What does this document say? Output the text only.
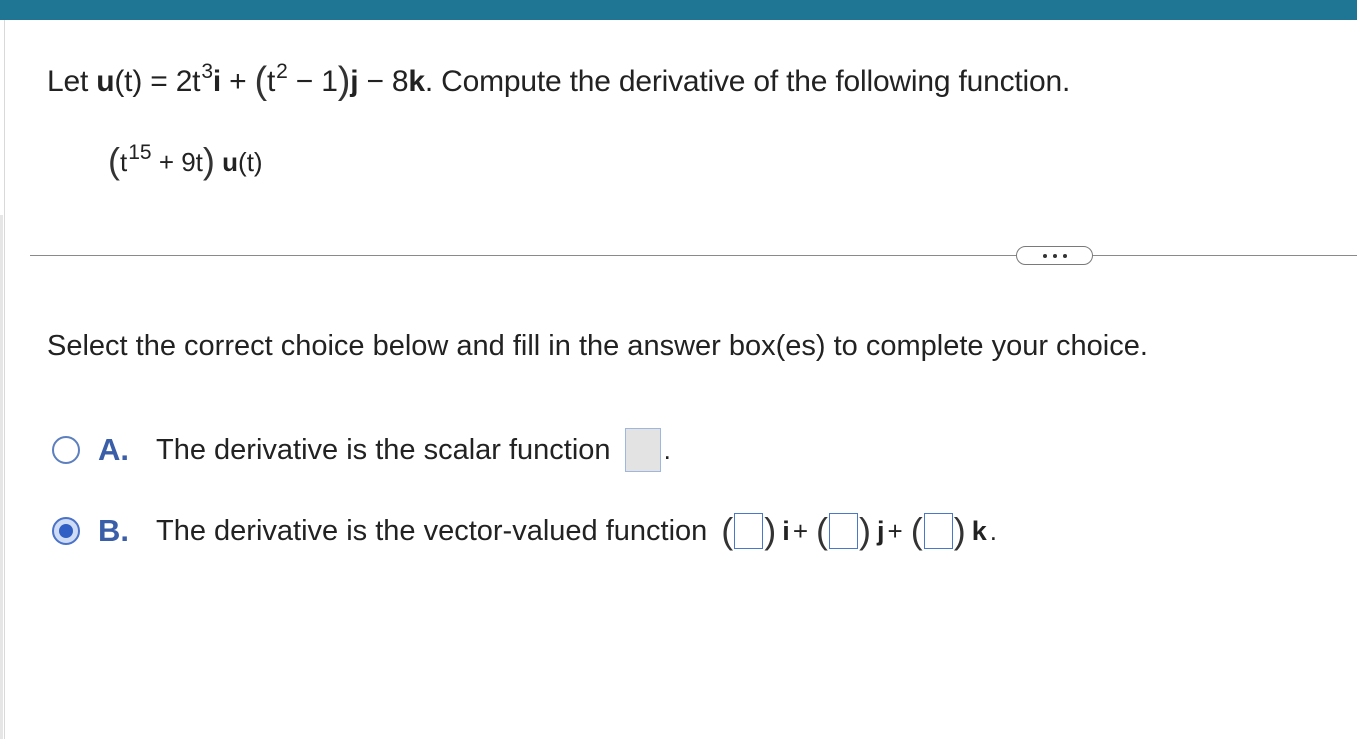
Let $u(t) = 2t^3i + (t^2 - 1)j - 8k$. Compute the derivative of the following function.
$(t^{15} + 9t)$ u(t)
Select the correct choice below and fill in the answer box(es) to complete your choice.
A. The derivative is the scalar function .
B. The derivative is the vector-valued function ( ) i + ( ) j + ( ) k .
